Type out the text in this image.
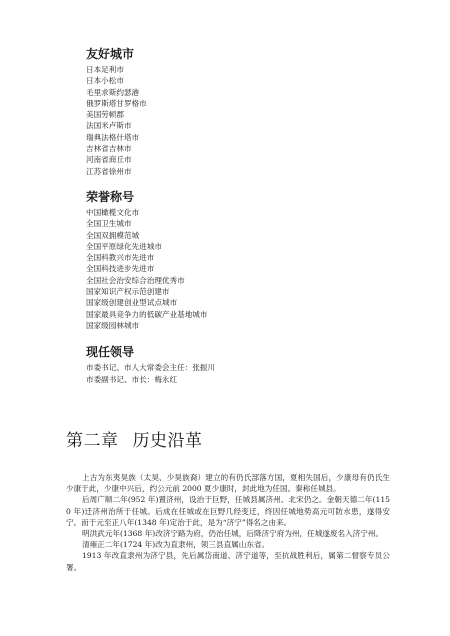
友好城市
日本足利市
日本小松市
毛里求斯约瑟港
俄罗斯塔甘罗格市
美国劳顿郡
法国米卢斯市
瑞典法格什塔市
吉林省吉林市
河南省商丘市
江苏省徐州市
荣誉称号
中国橄榄文化市
全国卫生城市
全国双拥模范城
全国平原绿化先进城市
全国科教兴市先进市
全国科技进步先进市
全国社会治安综合治理优秀市
国家知识产权示范创建市
国家级创建创业型试点城市
国家最具竞争力的低碳产业基地城市
国家级园林城市
现任领导
市委书记、市人大常委会主任：张振川
市委副书记、市长：梅永红
第二章 历史沿革

上古为东夷昊族（太昊、少昊族裔）建立的有仍氏部落方国，夏相失国后，少康母有仍氏生少康于此，少康中兴后，约公元前 2000 夏少康时，封此地为任国。秦称任城县。

后周广顺二年(952 年)置济州，设治于巨野，任城县属济州。北宋仍之。金朝天德二年(1150 年)迁济州治所于任城。后成在任城或在巨野几经变迁，终因任城地势高元可防水患，遂得安宁。而于元至正八年(1348 年)定治于此，是为“济宁”得名之由来。

明洪武元年(1368 年)改济宁路为府，仍治任城，后降济宁府为州，任城遂废名入济宁州。

清雍正二年(1724 年)改为直隶州，领三县直属山东省。

1913 年改直隶州为济宁县，先后属岱南道、济宁道等，至抗战胜利后，属第二督察专员公署。
